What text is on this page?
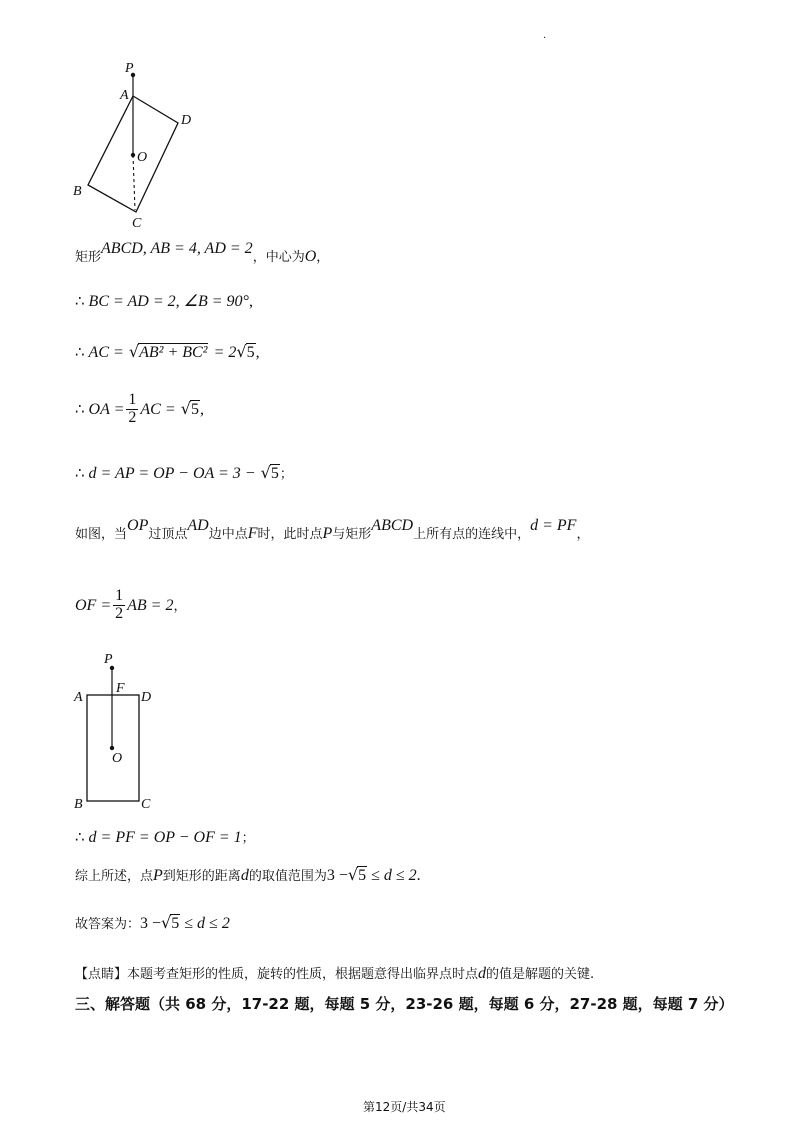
.
P
A
D
O
B
C
矩形ABCD, AB = 4, AD = 2，中心为O，
∴ BC = AD = 2, ∠B = 90°,
∴ AC = √AB² + BC² = 2√5,
∴ OA = $\frac{1}{2}$ AC = √5,
∴ d = AP = OP − OA = 3 − √5；
如图，当OP过顶点AD边中点F时，此时点P与矩形ABCD上所有点的连线中，d = PF，
OF = $\frac{1}{2}$ AB = 2，
P
A
F
D
O
B	C
∴ d = PF = OP − OF = 1；
综上所述，点P到矩形的距离d的取值范围为3 −√5 ≤ d ≤ 2.
故答案为：3 −√5 ≤ d ≤ 2
【点睛】本题考查矩形的性质，旋转的性质，根据题意得出临界点时点d的值是解题的关键.
三、解答题（共 68 分，17-22 题，每题 5 分，23-26 题，每题 6 分，27-28 题，每题 7 分）
第12页/共34页
